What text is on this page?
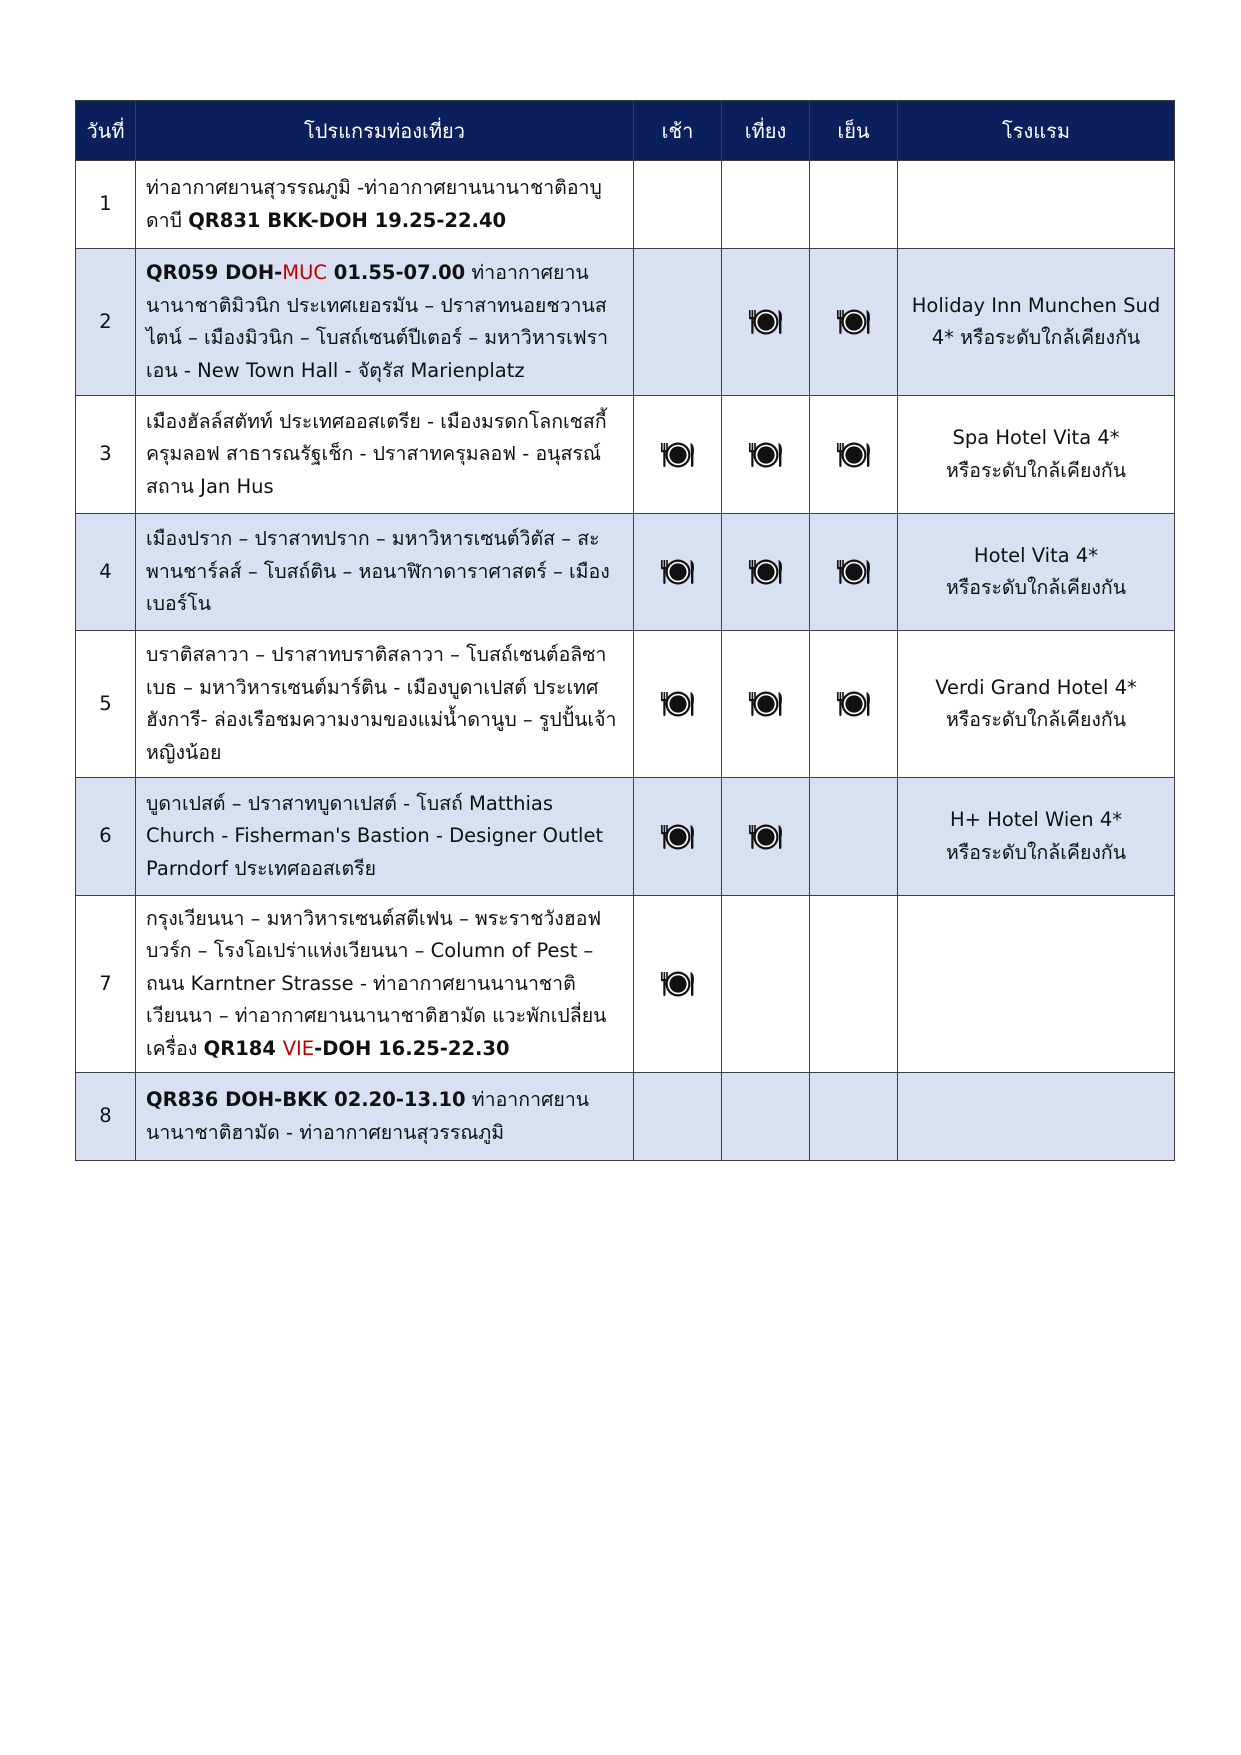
วันที่	โปรแกรมท่องเที่ยว	เช้า	เที่ยง	เย็น	โรงแรม
1	ท่าอากาศยานสุวรรณภูมิ -ท่าอากาศยานนานาชาติอาบู
ดาบี QR831 BKK-DOH 19.25-22.40				
2	QR059 DOH-MUC 01.55-07.00 ท่าอากาศยานนานาชาติมิวนิก ประเทศเยอรมัน – ปราสาทนอยชวานสไตน์ – เมืองมิวนิก – โบสถ์เซนต์ปีเตอร์ – มหาวิหารเฟราเอน - New Town Hall - จัตุรัส Marienplatz				Holiday Inn Munchen Sud
4* หรือระดับใกล้เคียงกัน

3	เมืองฮัลล์สตัทท์ ประเทศออสเตรีย - เมืองมรดกโลกเชสกี้ ครุมลอฟ สาธารณรัฐเช็ก - ปราสาทครุมลอฟ - อนุสรณ์สถาน Jan Hus				Spa Hotel Vita 4*
หรือระดับใกล้เคียงกัน

4	เมืองปราก – ปราสาทปราก – มหาวิหารเซนต์วิตัส – สะพานชาร์ลส์ – โบสถ์ติน – หอนาฬิกาดาราศาสตร์ – เมืองเบอร์โน				Hotel Vita 4*
หรือระดับใกล้เคียงกัน

5	บราติสลาวา – ปราสาทบราติสลาวา – โบสถ์เซนต์อลิซาเบธ – มหาวิหารเซนต์มาร์ติน - เมืองบูดาเปสต์ ประเทศฮังการี- ล่องเรือชมความงามของแม่น้ำดานูบ – รูปปั้นเจ้าหญิงน้อย				Verdi Grand Hotel 4*
หรือระดับใกล้เคียงกัน

6	บูดาเปสต์ – ปราสาทบูดาเปสต์ - โบสถ์ Matthias Church - Fisherman's Bastion - Designer Outlet Parndorf ประเทศออสเตรีย				H+ Hotel Wien 4*
หรือระดับใกล้เคียงกัน

7	กรุงเวียนนา – มหาวิหารเซนต์สตีเฟน – พระราชวังฮอฟบวร์ก – โรงโอเปร่าแห่งเวียนนา – Column of Pest – ถนน Karntner Strasse - ท่าอากาศยานนานาชาติเวียนนา – ท่าอากาศยานนานาชาติฮามัด แวะพักเปลี่ยนเครื่อง QR184 VIE-DOH 16.25-22.30				
8	QR836 DOH-BKK 02.20-13.10 ท่าอากาศยานนานาชาติฮามัด - ท่าอากาศยานสุวรรณภูมิ				
